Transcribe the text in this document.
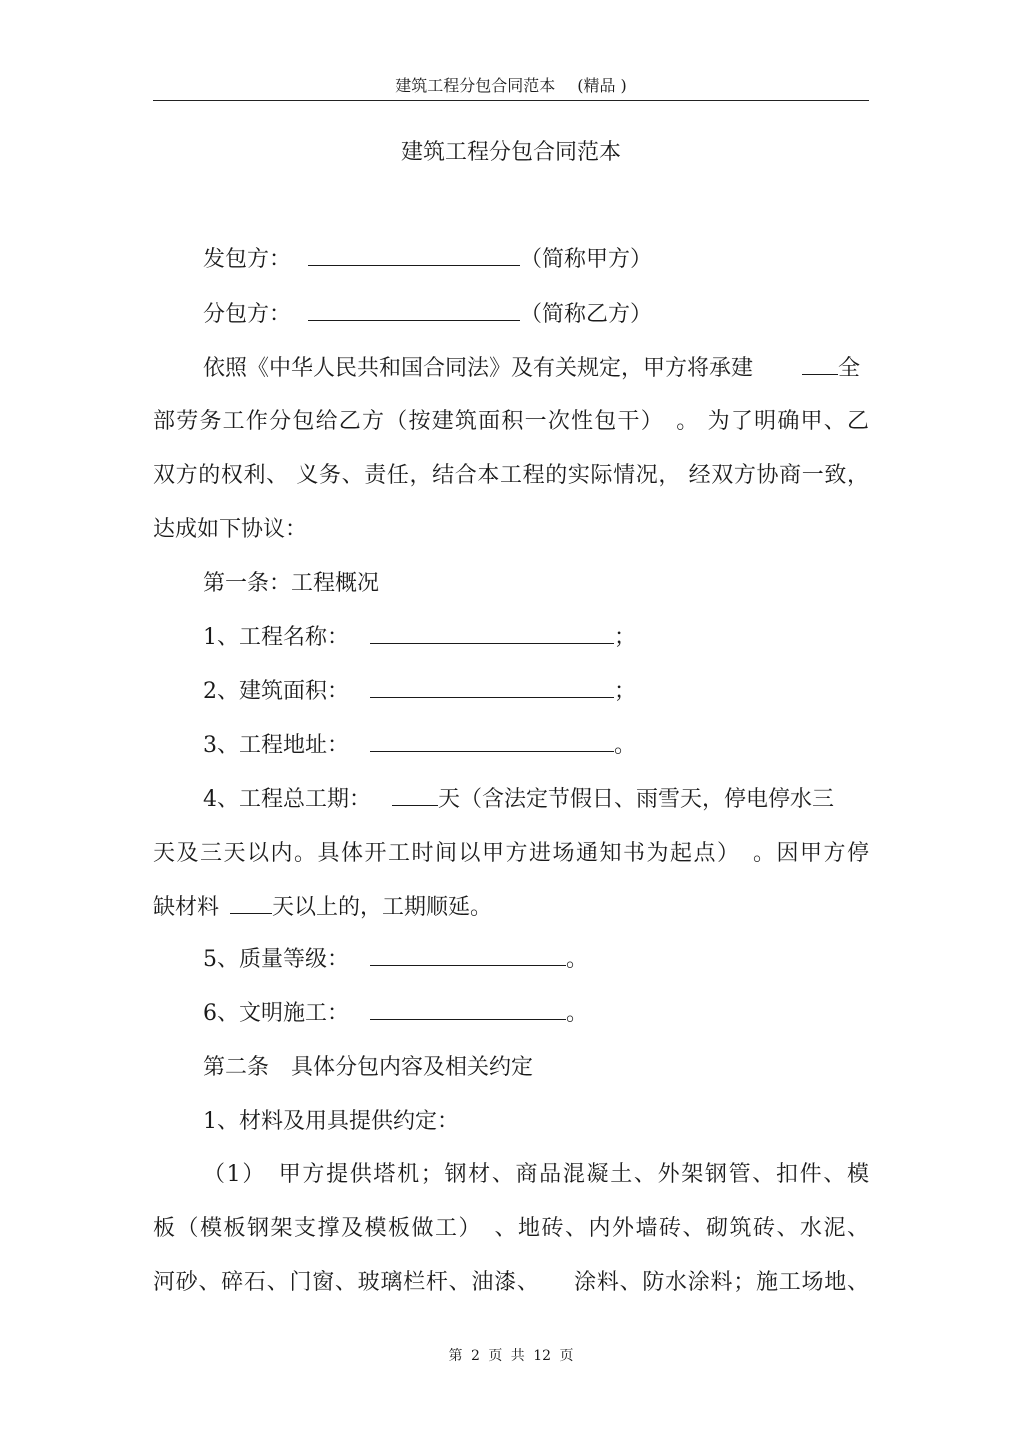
建筑工程分包合同范本 (精品 )
建筑工程分包合同范本
发包方：	（简称甲方）
分包方：	（简称乙方）
依照《中华人民共和国合同法》及有关规定，甲方将承建	全
部劳务工作分包给乙方（按建筑面积一次性包干）　。 为了明确甲、乙
双方的权利、 义务、责任，结合本工程的实际情况， 经双方协商一致，
达成如下协议：
第一条：工程概况
1、工程名称：	；
2、建筑面积：	；
3、工程地址：	。
4、工程总工期：	天（含法定节假日、雨雪天，停电停水三
天及三天以内。具体开工时间以甲方进场通知书为起点）　。因甲方停
缺材料 天以上的，工期顺延。
5、质量等级：	。
6、文明施工：	。
第二条　具体分包内容及相关约定
1、材料及用具提供约定：
（1）　甲方提供塔机；钢材、商品混凝土、外架钢管、扣件、模
板（模板钢架支撑及模板做工）　、地砖、内外墙砖、砌筑砖、水泥、
河砂、碎石、门窗、玻璃栏杆、油漆、　　涂料、防水涂料；施工场地、
第 2 页 共 12 页
